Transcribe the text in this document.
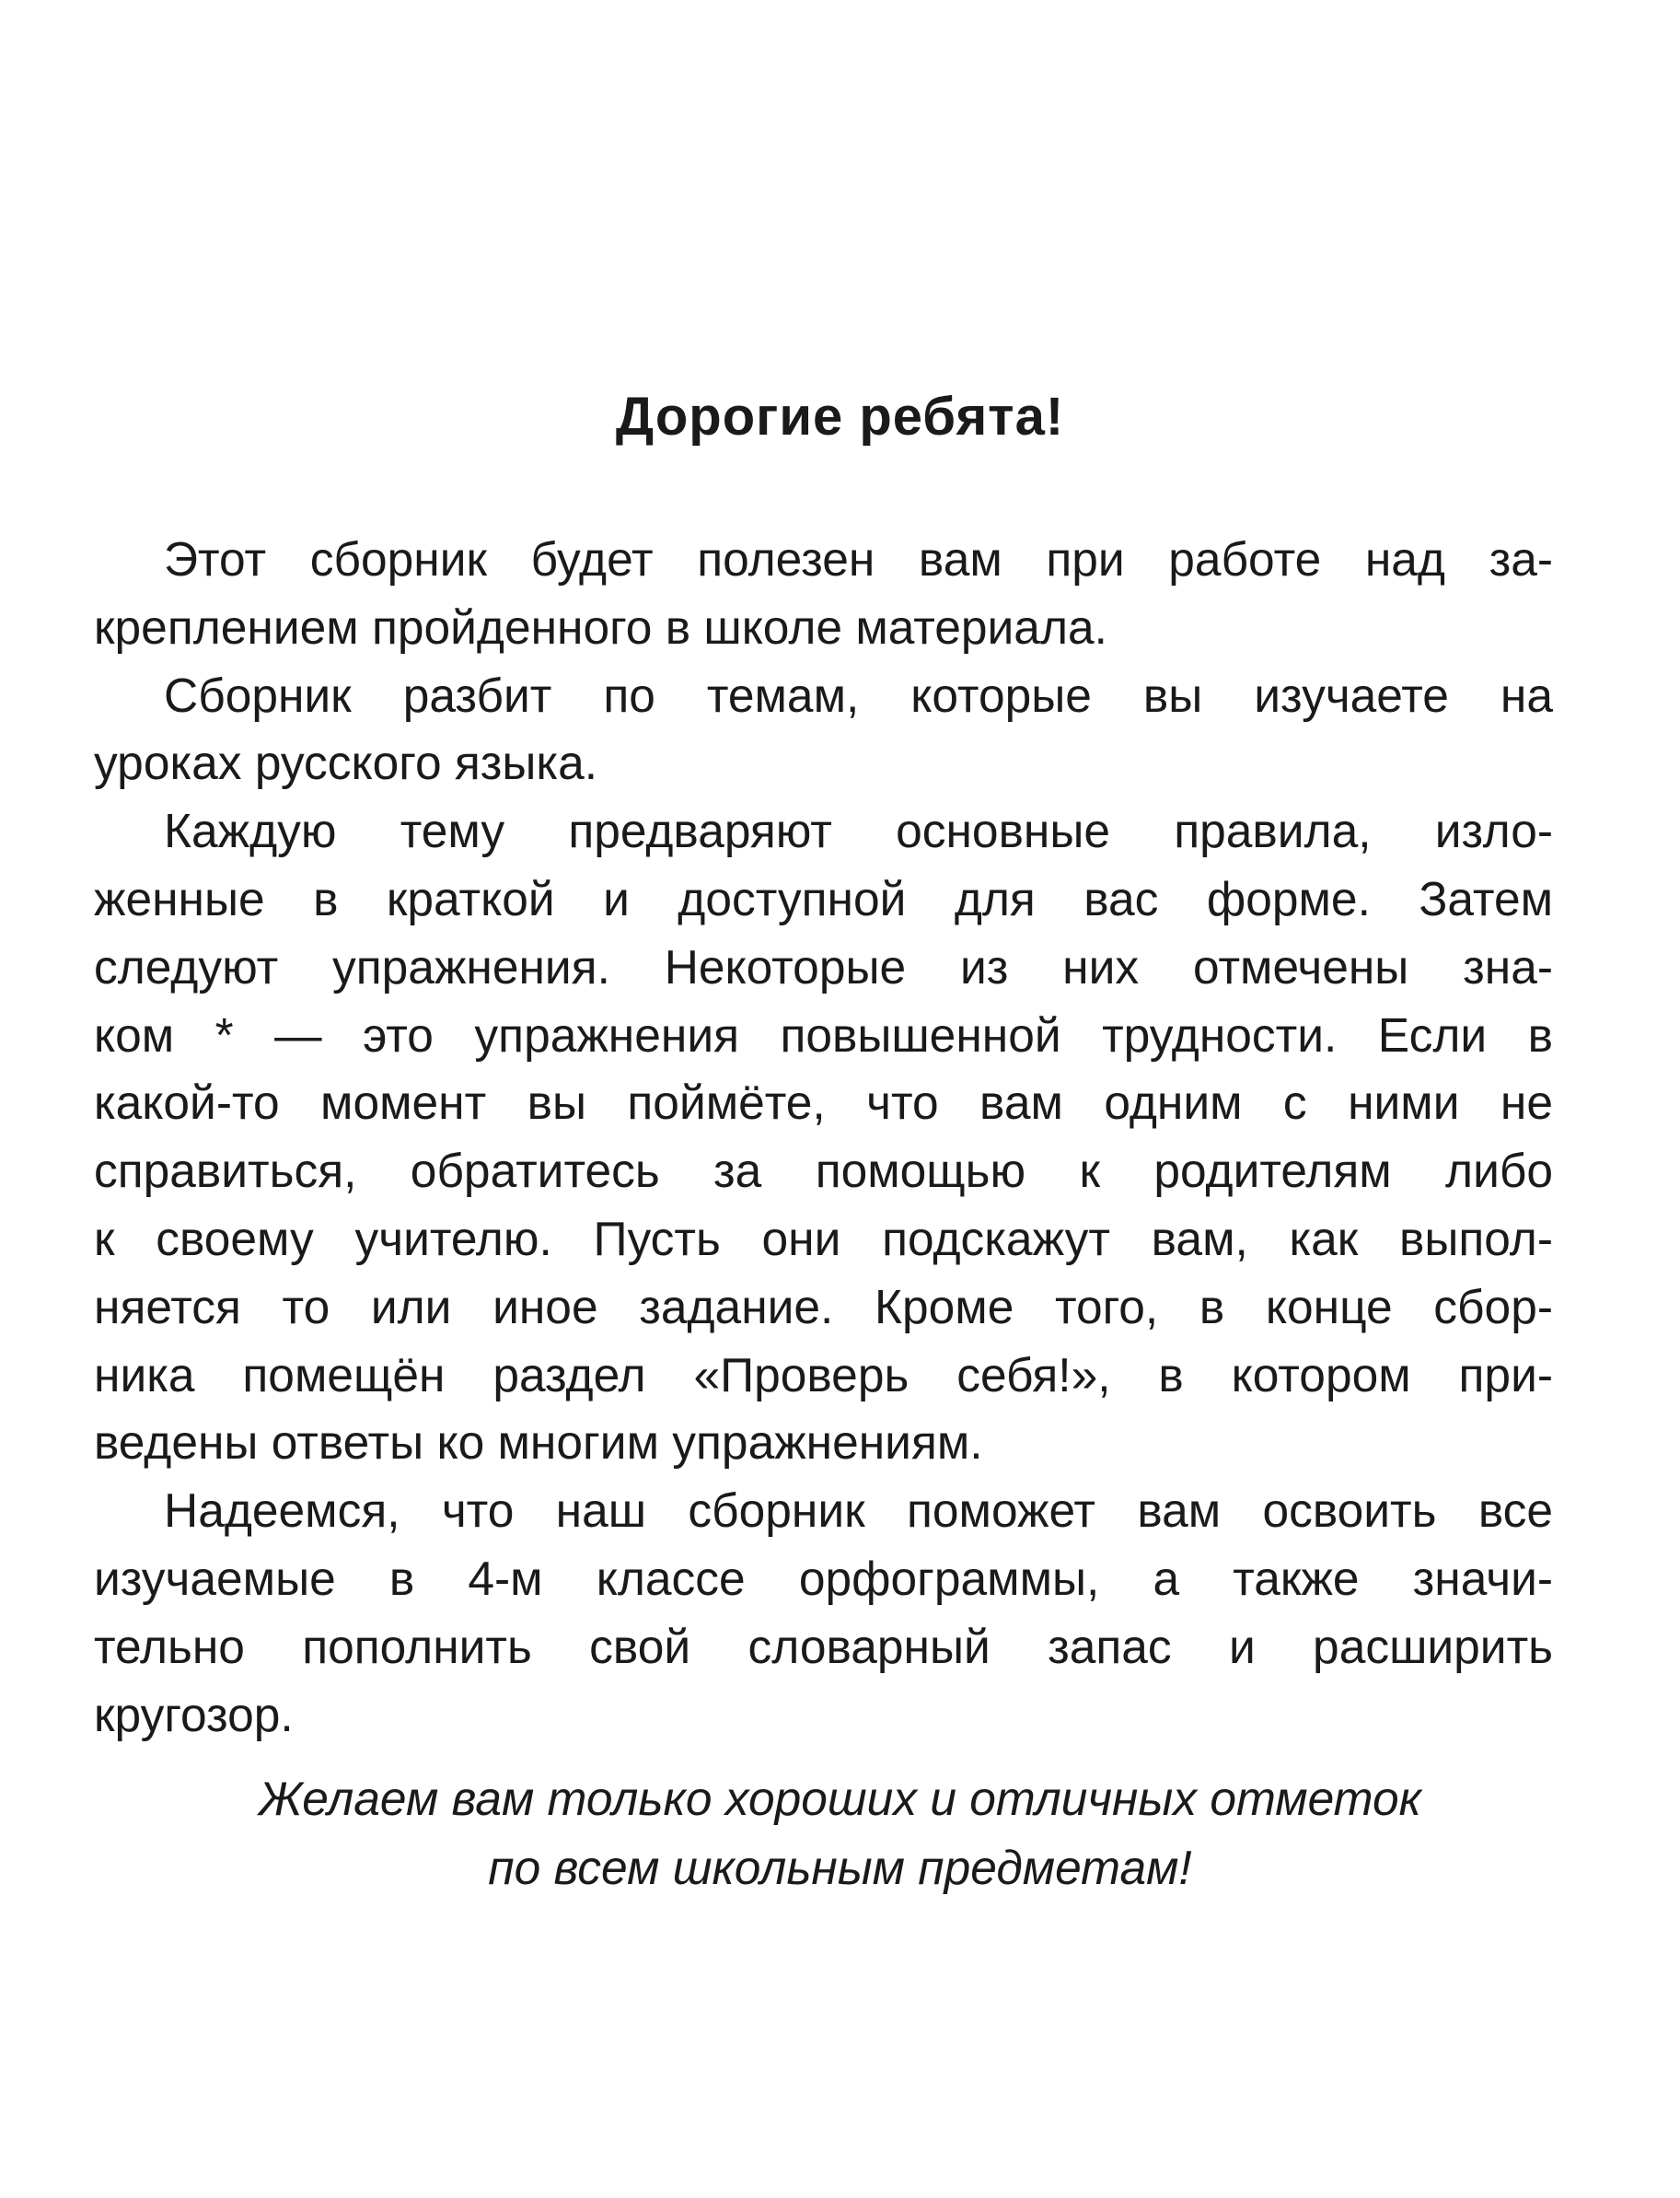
Дорогие ребята!
Этот сборник будет полезен вам при работе над за-
креплением пройденного в школе материала.
Сборник разбит по темам, которые вы изучаете на
уроках русского языка.
Каждую тему предваряют основные правила, изло-
женные в краткой и доступной для вас форме. Затем
следуют упражнения. Некоторые из них отмечены зна-
ком * — это упражнения повышенной трудности. Если в
какой-то момент вы поймёте, что вам одним с ними не
справиться, обратитесь за помощью к родителям либо
к своему учителю. Пусть они подскажут вам, как выпол-
няется то или иное задание. Кроме того, в конце сбор-
ника помещён раздел «Проверь себя!», в котором при-
ведены ответы ко многим упражнениям.
Надеемся, что наш сборник поможет вам освоить все
изучаемые в 4-м классе орфограммы, а также значи-
тельно пополнить свой словарный запас и расширить
кругозор.
Желаем вам только хороших и отличных отметок
по всем школьным предметам!
